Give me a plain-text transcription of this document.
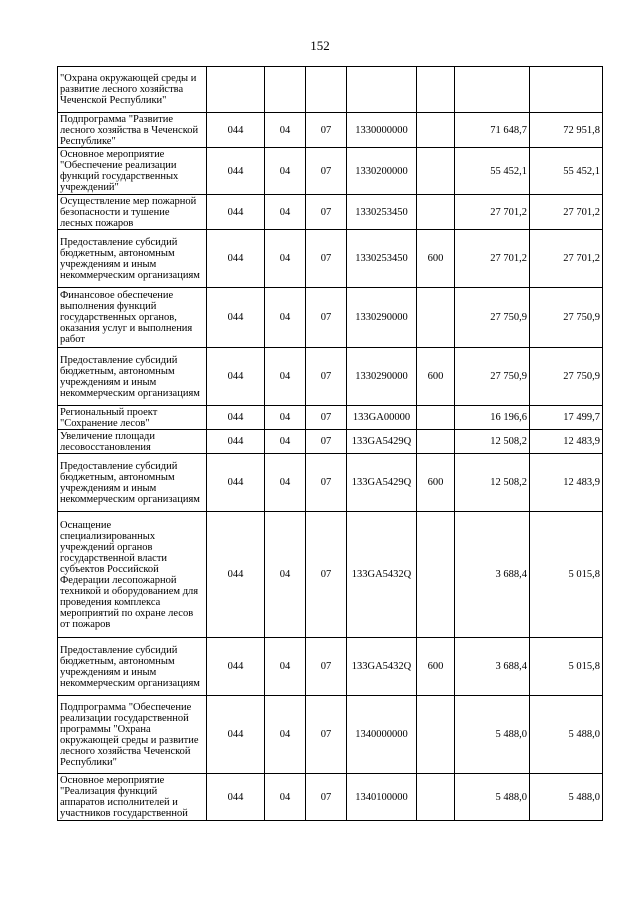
152
"Охрана окружающей среды и развитие лесного хозяйства Чеченской Республики"							
Подпрограмма "Развитие лесного хозяйства в Чеченской Республике"	044	04	07	1330000000		71 648,7	72 951,8
Основное мероприятие "Обеспечение реализации функций государственных учреждений"	044	04	07	1330200000		55 452,1	55 452,1
Осуществление мер пожарной безопасности и тушение лесных пожаров	044	04	07	1330253450		27 701,2	27 701,2
Предоставление субсидий бюджетным, автономным учреждениям и иным некоммерческим организациям	044	04	07	1330253450	600	27 701,2	27 701,2
Финансовое обеспечение выполнения функций государственных органов, оказания услуг и выполнения работ	044	04	07	1330290000		27 750,9	27 750,9
Предоставление субсидий бюджетным, автономным учреждениям и иным некоммерческим организациям	044	04	07	1330290000	600	27 750,9	27 750,9
Региональный проект "Сохранение лесов"	044	04	07	133GA00000		16 196,6	17 499,7
Увеличение площади лесовосстановления	044	04	07	133GA5429Q		12 508,2	12 483,9
Предоставление субсидий бюджетным, автономным учреждениям и иным некоммерческим организациям	044	04	07	133GA5429Q	600	12 508,2	12 483,9
Оснащение специализированных учреждений органов государственной власти субъектов Российской Федерации лесопожарной техникой и оборудованием для проведения комплекса мероприятий по охране лесов от пожаров	044	04	07	133GA5432Q		3 688,4	5 015,8
Предоставление субсидий бюджетным, автономным учреждениям и иным некоммерческим организациям	044	04	07	133GA5432Q	600	3 688,4	5 015,8
Подпрограмма "Обеспечение реализации государственной программы "Охрана окружающей среды и развитие лесного хозяйства Чеченской Республики"	044	04	07	1340000000		5 488,0	5 488,0
Основное мероприятие "Реализация функций аппаратов исполнителей и участников государственной	044	04	07	1340100000		5 488,0	5 488,0
